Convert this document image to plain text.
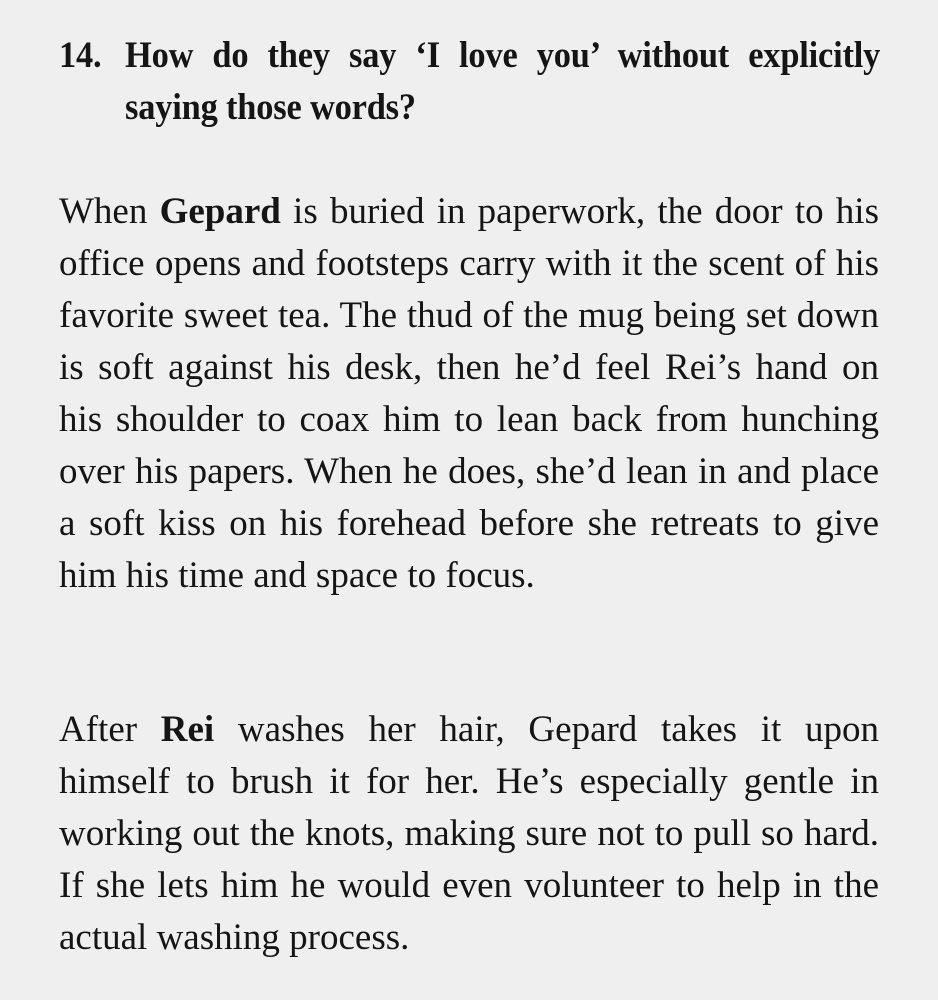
14. How do they say ‘I love you’ without explicitly saying those words?

When Gepard is buried in paperwork, the door to his office opens and footsteps carry with it the scent of his favorite sweet tea. The thud of the mug being set down is soft against his desk, then he’d feel Rei’s hand on his shoulder to coax him to lean back from hunching over his papers. When he does, she’d lean in and place a soft kiss on his forehead before she retreats to give him his time and space to focus.

After Rei washes her hair, Gepard takes it upon himself to brush it for her. He’s especially gentle in working out the knots, making sure not to pull so hard. If she lets him he would even volunteer to help in the actual washing process.
